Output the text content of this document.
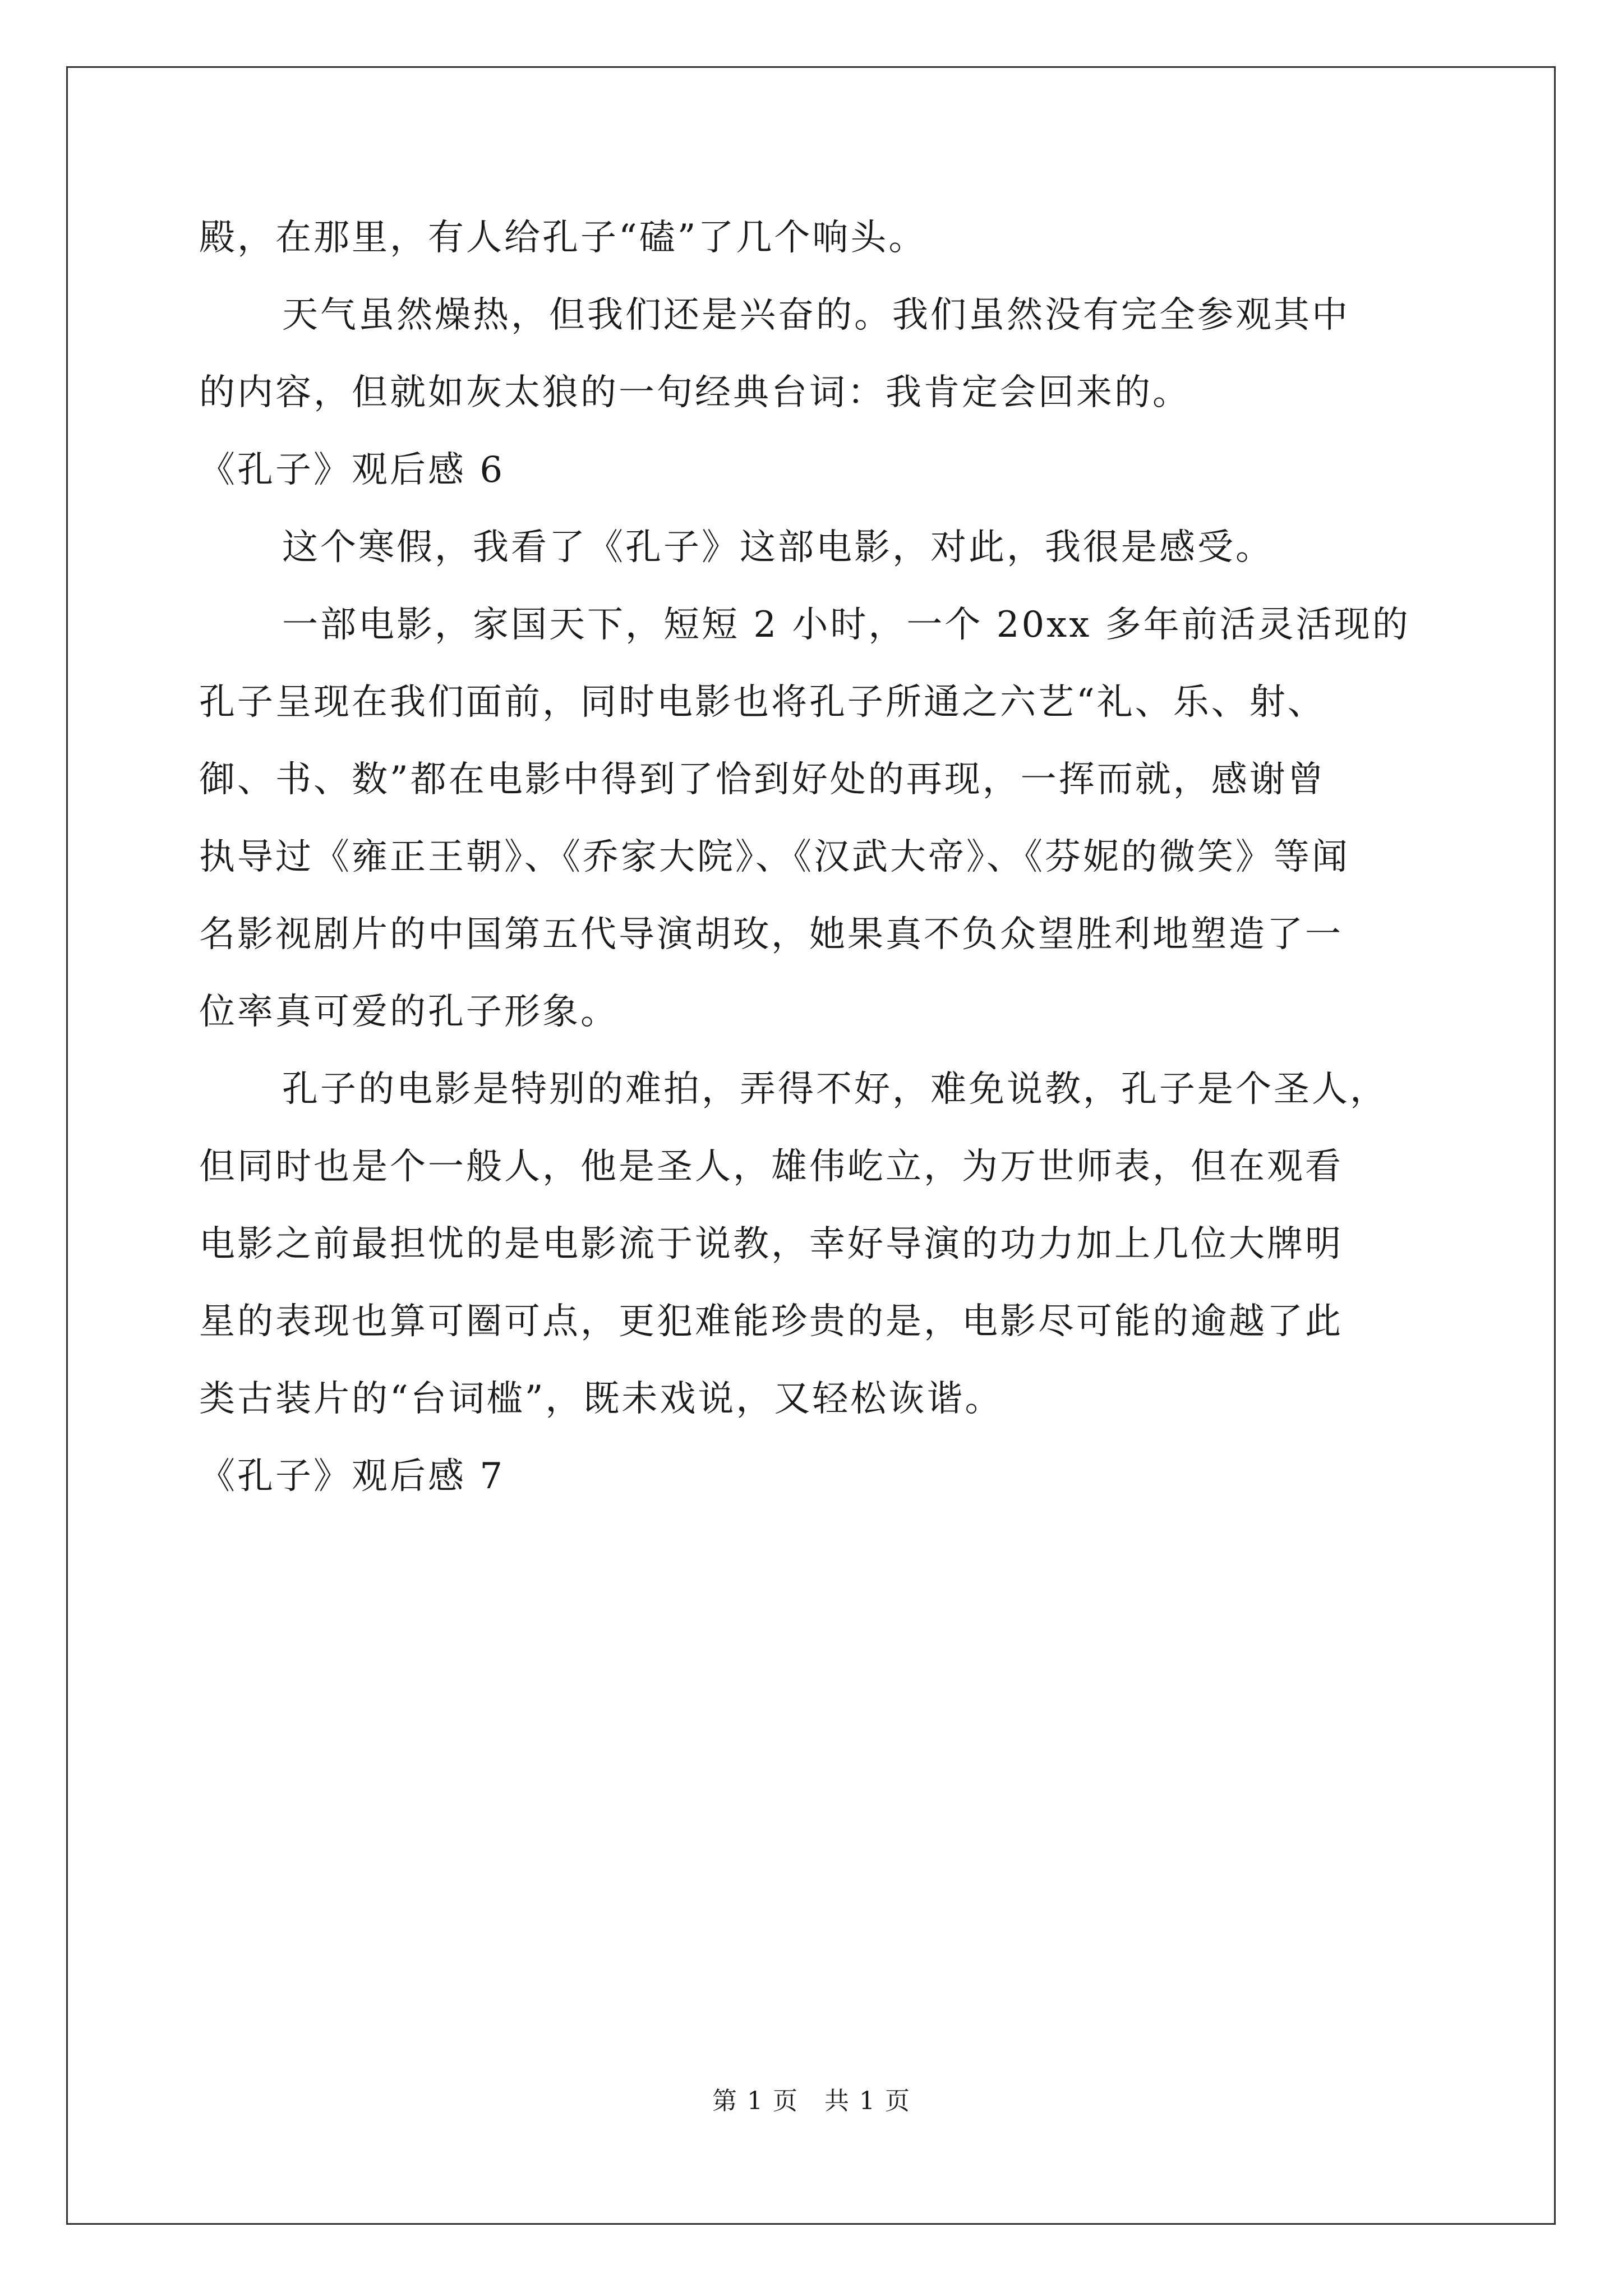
殿，在那里，有人给孔子“磕”了几个响头。
天气虽然燥热，但我们还是兴奋的。我们虽然没有完全参观其中
的内容，但就如灰太狼的一句经典台词：我肯定会回来的。
《孔子》观后感 6
这个寒假，我看了《孔子》这部电影，对此，我很是感受。
一部电影，家国天下，短短 2 小时，一个 20xx 多年前活灵活现的
孔子呈现在我们面前，同时电影也将孔子所通之六艺“礼、乐、射、
御、书、数”都在电影中得到了恰到好处的再现，一挥而就，感谢曾
执导过《雍正王朝》、《乔家大院》、《汉武大帝》、《芬妮的微笑》等闻
名影视剧片的中国第五代导演胡玫，她果真不负众望胜利地塑造了一
位率真可爱的孔子形象。
孔子的电影是特别的难拍，弄得不好，难免说教，孔子是个圣人，
但同时也是个一般人，他是圣人，雄伟屹立，为万世师表，但在观看
电影之前最担忧的是电影流于说教，幸好导演的功力加上几位大牌明
星的表现也算可圈可点，更犯难能珍贵的是，电影尽可能的逾越了此
类古装片的“台词槛”，既未戏说，又轻松诙谐。
《孔子》观后感 7
第 1 页　共 1 页
